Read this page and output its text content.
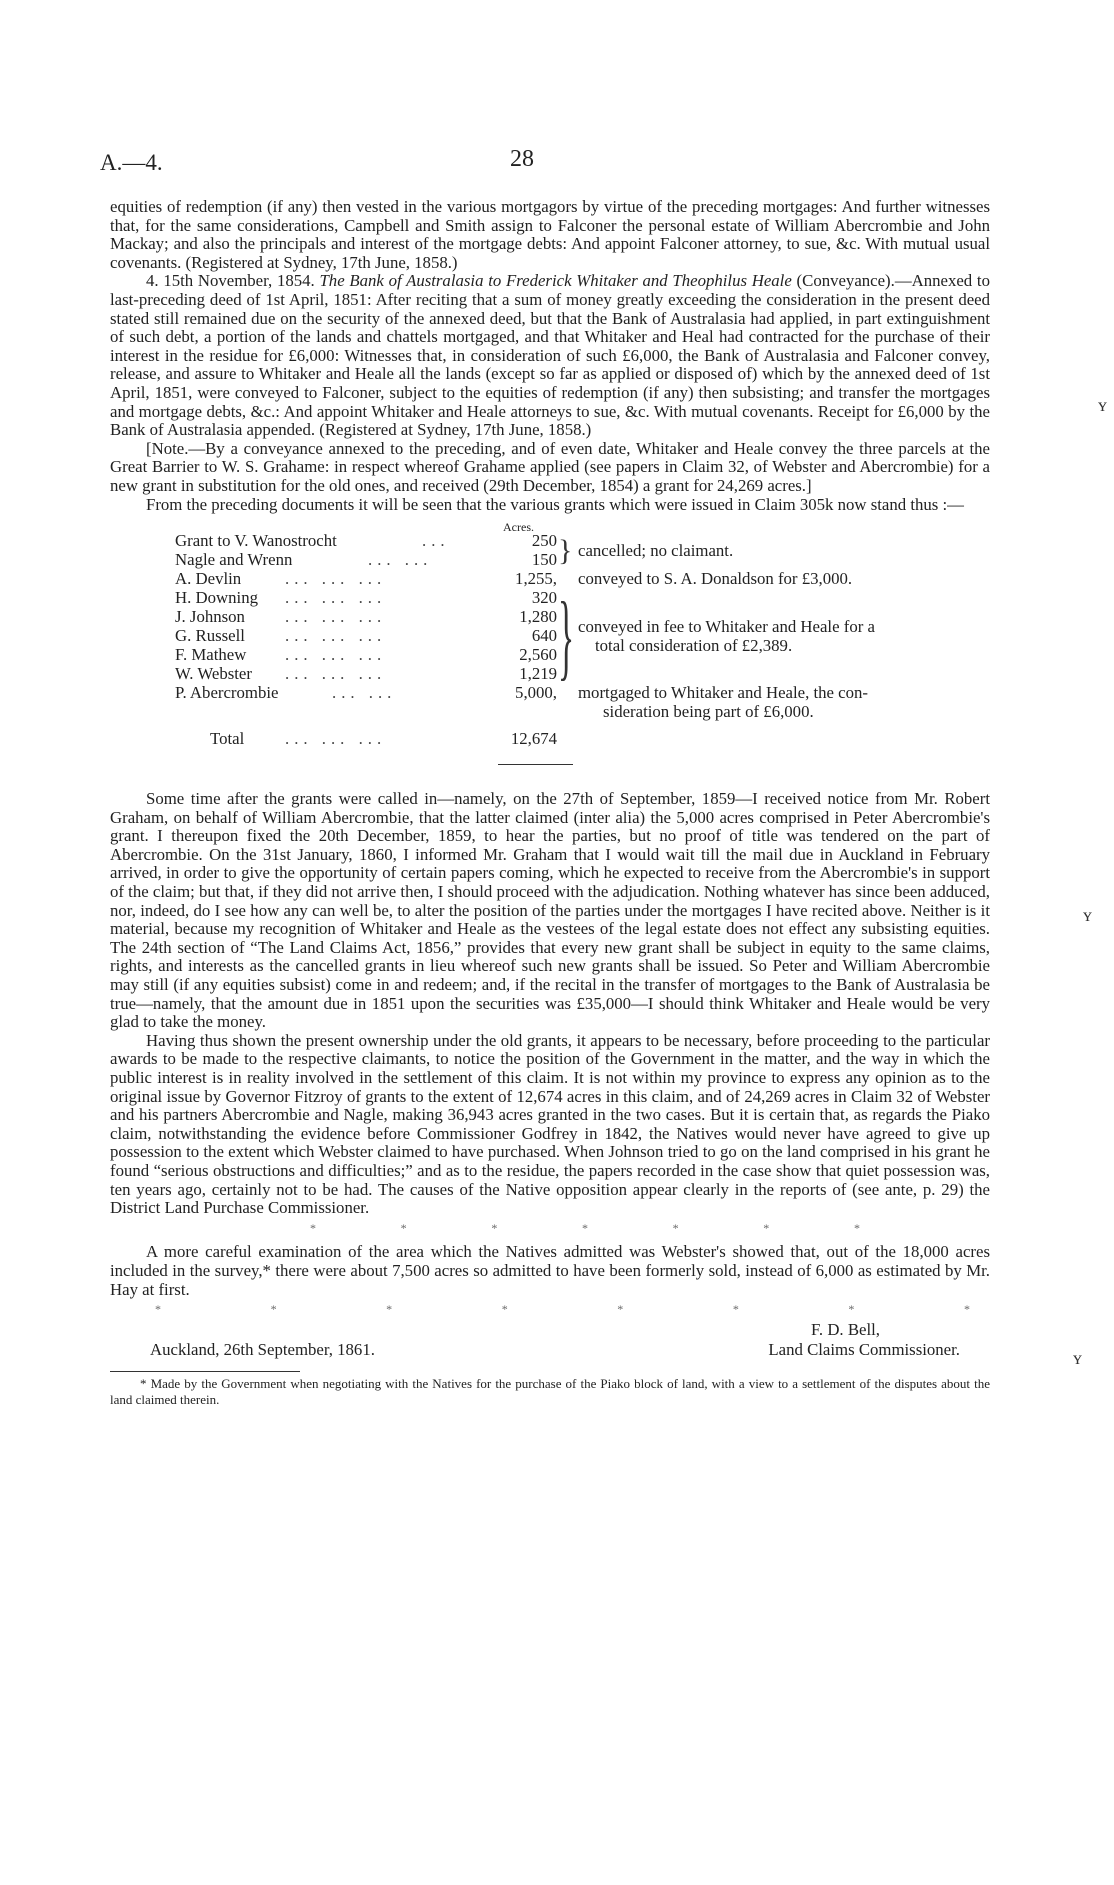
A.—4.	28
ʏ
ʏ
ʏ

equities of redemption (if any) then vested in the various mortgagors by virtue of the preceding mortgages: And further witnesses that, for the same considerations, Campbell and Smith assign to Falconer the personal estate of William Abercrombie and John Mackay; and also the principals and interest of the mortgage debts: And appoint Falconer attorney, to sue, &c. With mutual usual covenants. (Registered at Sydney, 17th June, 1858.)

4. 15th November, 1854. The Bank of Australasia to Frederick Whitaker and Theophilus Heale (Conveyance).—Annexed to last-preceding deed of 1st April, 1851: After reciting that a sum of money greatly exceeding the consideration in the present deed stated still remained due on the security of the annexed deed, but that the Bank of Australasia had applied, in part extinguishment of such debt, a portion of the lands and chattels mortgaged, and that Whitaker and Heal had contracted for the purchase of their interest in the residue for £6,000: Witnesses that, in consideration of such £6,000, the Bank of Australasia and Falconer convey, release, and assure to Whitaker and Heale all the lands (except so far as applied or disposed of) which by the annexed deed of 1st April, 1851, were conveyed to Falconer, subject to the equities of redemption (if any) then subsisting; and transfer the mortgages and mortgage debts, &c.: And appoint Whitaker and Heale attorneys to sue, &c. With mutual covenants. Receipt for £6,000 by the Bank of Australasia appended. (Registered at Sydney, 17th June, 1858.)

[Note.—By a conveyance annexed to the preceding, and of even date, Whitaker and Heale convey the three parcels at the Great Barrier to W. S. Grahame: in respect whereof Grahame applied (see papers in Claim 32, of Webster and Abercrombie) for a new grant in substitution for the old ones, and received (29th December, 1854) a grant for 24,269 acres.]

From the preceding documents it will be seen that the various grants which were issued in Claim 305k now stand thus :—

Acres.
Grant to V. Wanostrocht	...	250
Nagle and Wrenn	... ...	150 } cancelled; no claimant.
A. Devlin	... ... ...	1,255, conveyed to S. A. Donaldson for £3,000.
H. Downing ... ... ...	320
J. Johnson ... ... ...	1,280
G. Russell ... ... ...	640
F. Mathew ... ... ...	2,560
W. Webster ... ... ...	1,219 } conveyed in fee to Whitaker and Heale for a
total consideration of £2,389.
P. Abercrombie	... ...	5,000, mortgaged to Whitaker and Heale, the con-
sideration being part of £6,000.
Total ... ... ...	12,674

Some time after the grants were called in—namely, on the 27th of September, 1859—I received notice from Mr. Robert Graham, on behalf of William Abercrombie, that the latter claimed (inter alia) the 5,000 acres comprised in Peter Abercrombie's grant. I thereupon fixed the 20th December, 1859, to hear the parties, but no proof of title was tendered on the part of Abercrombie. On the 31st January, 1860, I informed Mr. Graham that I would wait till the mail due in Auckland in February arrived, in order to give the opportunity of certain papers coming, which he expected to receive from the Abercrombie's in support of the claim; but that, if they did not arrive then, I should proceed with the adjudication. Nothing whatever has since been adduced, nor, indeed, do I see how any can well be, to alter the position of the parties under the mortgages I have recited above. Neither is it material, because my recognition of Whitaker and Heale as the vestees of the legal estate does not effect any subsisting equities. The 24th section of “The Land Claims Act, 1856,” provides that every new grant shall be subject in equity to the same claims, rights, and interests as the cancelled grants in lieu whereof such new grants shall be issued. So Peter and William Abercrombie may still (if any equities subsist) come in and redeem; and, if the recital in the transfer of mortgages to the Bank of Australasia be true—namely, that the amount due in 1851 upon the securities was £35,000—I should think Whitaker and Heale would be very glad to take the money.

Having thus shown the present ownership under the old grants, it appears to be necessary, before proceeding to the particular awards to be made to the respective claimants, to notice the position of the Government in the matter, and the way in which the public interest is in reality involved in the settlement of this claim. It is not within my province to express any opinion as to the original issue by Governor Fitzroy of grants to the extent of 12,674 acres in this claim, and of 24,269 acres in Claim 32 of Webster and his partners Abercrombie and Nagle, making 36,943 acres granted in the two cases. But it is certain that, as regards the Piako claim, notwithstanding the evidence before Commissioner Godfrey in 1842, the Natives would never have agreed to give up possession to the extent which Webster claimed to have purchased. When Johnson tried to go on the land comprised in his grant he found “serious obstructions and difficulties;” and as to the residue, the papers recorded in the case show that quiet possession was, ten years ago, certainly not to be had. The causes of the Native opposition appear clearly in the reports of (see ante, p. 29) the District Land Purchase Commissioner.

*	*	*	*	*	*	*

A more careful examination of the area which the Natives admitted was Webster's showed that, out of the 18,000 acres included in the survey,* there were about 7,500 acres so admitted to have been formerly sold, instead of 6,000 as estimated by Mr. Hay at first.

*	*	*	*	*	*	*	*
Auckland, 26th September, 1861.
F. D. Bell,
Land Claims Commissioner.

* Made by the Government when negotiating with the Natives for the purchase of the Piako block of land, with a view to a settlement of the disputes about the land claimed therein.
